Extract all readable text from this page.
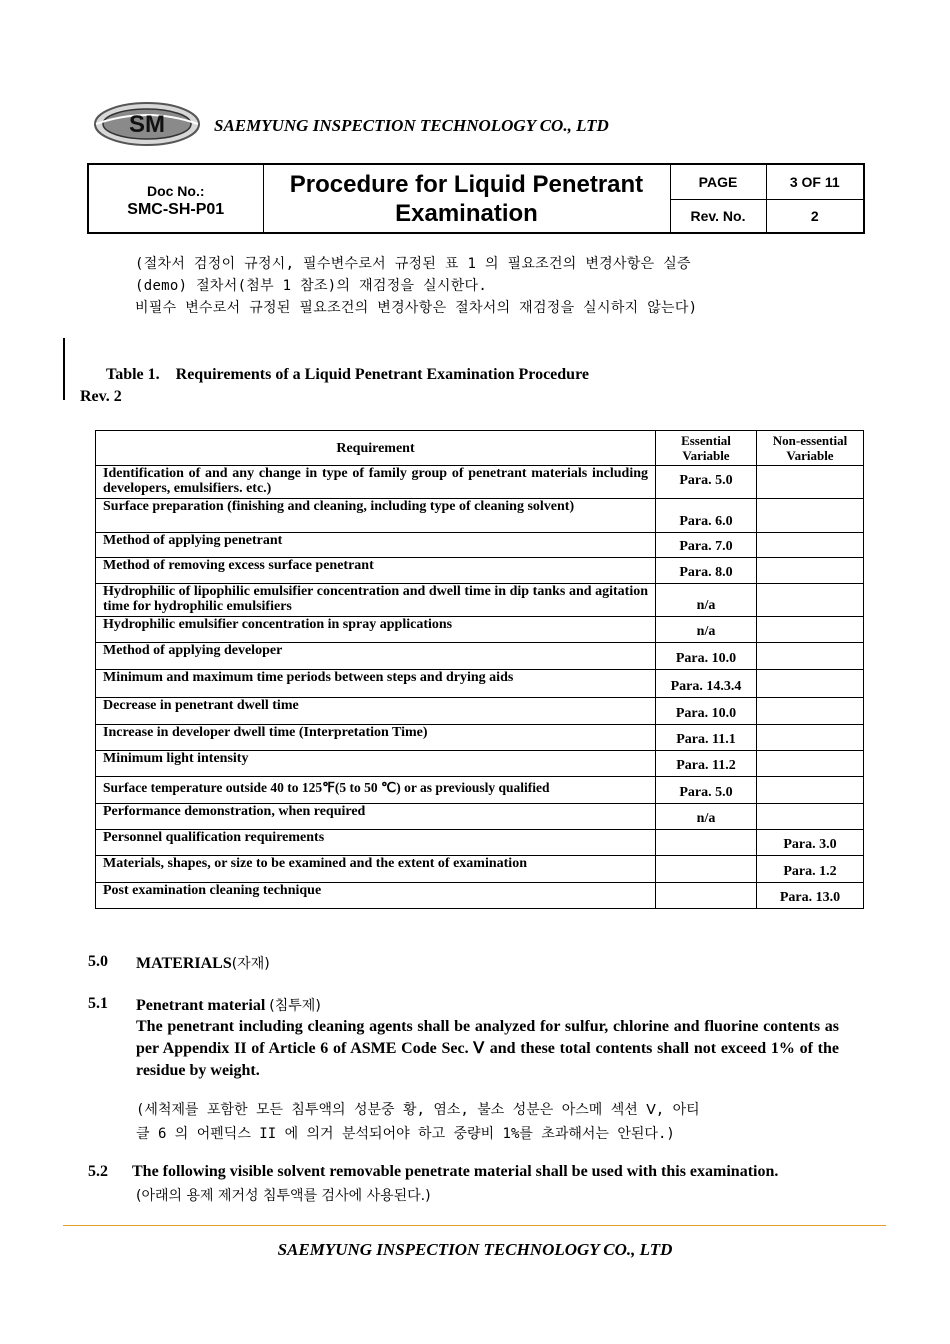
SM	SAEMYUNG INSPECTION TECHNOLOGY CO., LTD
Doc No.:
SMC-SH-P01	Procedure for Liquid Penetrant
Examination	PAGE	3 OF 11
		Rev. No.	2
(절차서 검정이 규정시, 필수변수로서 규정된 표 1 의 필요조건의 변경사항은 실증
(demo) 절차서(첨부 1 참조)의 재검정을 실시한다.
비필수 변수로서 규정된 필요조건의 변경사항은 절차서의 재검정을 실시하지 않는다)
Table 1.    Requirements of a Liquid Penetrant Examination Procedure
Rev. 2
Requirement	Essential Variable	Non-essential Variable
Identification of and any change in type of family group of penetrant materials including developers, emulsifiers. etc.)	Para. 5.0	
Surface preparation (finishing and cleaning, including type of cleaning solvent)	Para. 6.0	
Method of applying penetrant	Para. 7.0	
Method of removing excess surface penetrant	Para. 8.0	
Hydrophilic of lipophilic emulsifier concentration and dwell time in dip tanks and agitation time for hydrophilic emulsifiers	n/a	
Hydrophilic emulsifier concentration in spray applications	n/a	
Method of applying developer	Para. 10.0	
Minimum and maximum time periods between steps and drying aids	Para. 14.3.4	
Decrease in penetrant dwell time	Para. 10.0	
Increase in developer dwell time (Interpretation Time)	Para. 11.1	
Minimum light intensity	Para. 11.2	
Surface temperature outside 40 to 125℉(5 to 50 ℃) or as previously qualified	Para. 5.0	
Performance demonstration, when required	n/a	
Personnel qualification requirements		Para. 3.0
Materials, shapes, or size to be examined and the extent of examination		Para. 1.2
Post examination cleaning technique		Para. 13.0
5.0 MATERIALS(자재)
5.1 Penetrant material (침투제)
The penetrant including cleaning agents shall be analyzed for sulfur, chlorine and fluorine contents as per Appendix II of Article 6 of ASME Code Sec. Ⅴ and these total contents shall not exceed 1% of the residue by weight.
(세척제를 포함한 모든 침투액의 성분중 황, 염소, 불소 성분은 아스메 섹션 Ⅴ, 아티
클 6 의 어펜딕스 II 에 의거 분석되어야 하고 중량비 1%를 초과해서는 안된다.)
5.2 The following visible solvent removable penetrate material shall be used with this examination.
(아래의 용제 제거성 침투액를 검사에 사용된다.)
SAEMYUNG INSPECTION TECHNOLOGY CO., LTD
